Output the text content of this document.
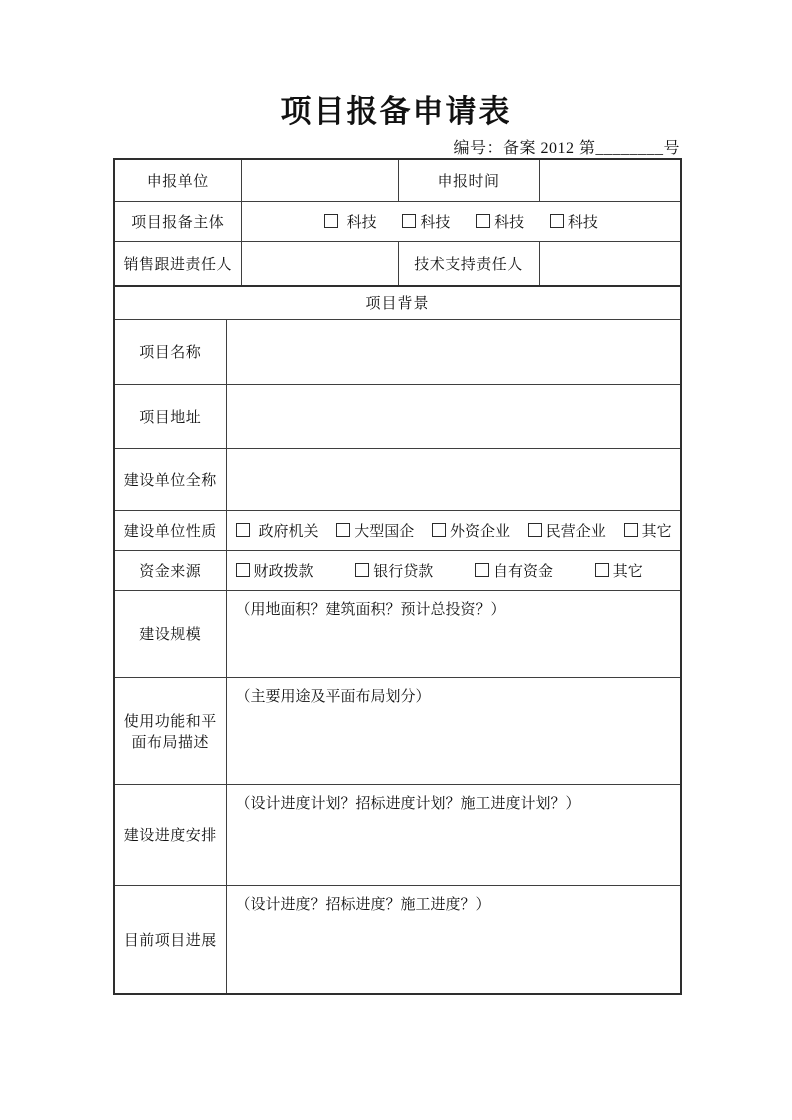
项目报备申请表
编号：备案 2012 第________号
申报单位			申报时间	
项目报备主体		科技 科技 科技 科技		
销售跟进责任人			技术支持责任人	
项目背景				
项目名称				
项目地址				
建设单位全称				
建设单位性质	政府机关 大型国企 外资企业 民营企业 其它			
资金来源	财政拨款 银行贷款 自有资金 其它			
建设规模	（用地面积？建筑面积？预计总投资？）			
使用功能和平面布局描述	（主要用途及平面布局划分）			
建设进度安排	（设计进度计划？招标进度计划？施工进度计划？）			
目前项目进展	（设计进度？招标进度？施工进度？）			
